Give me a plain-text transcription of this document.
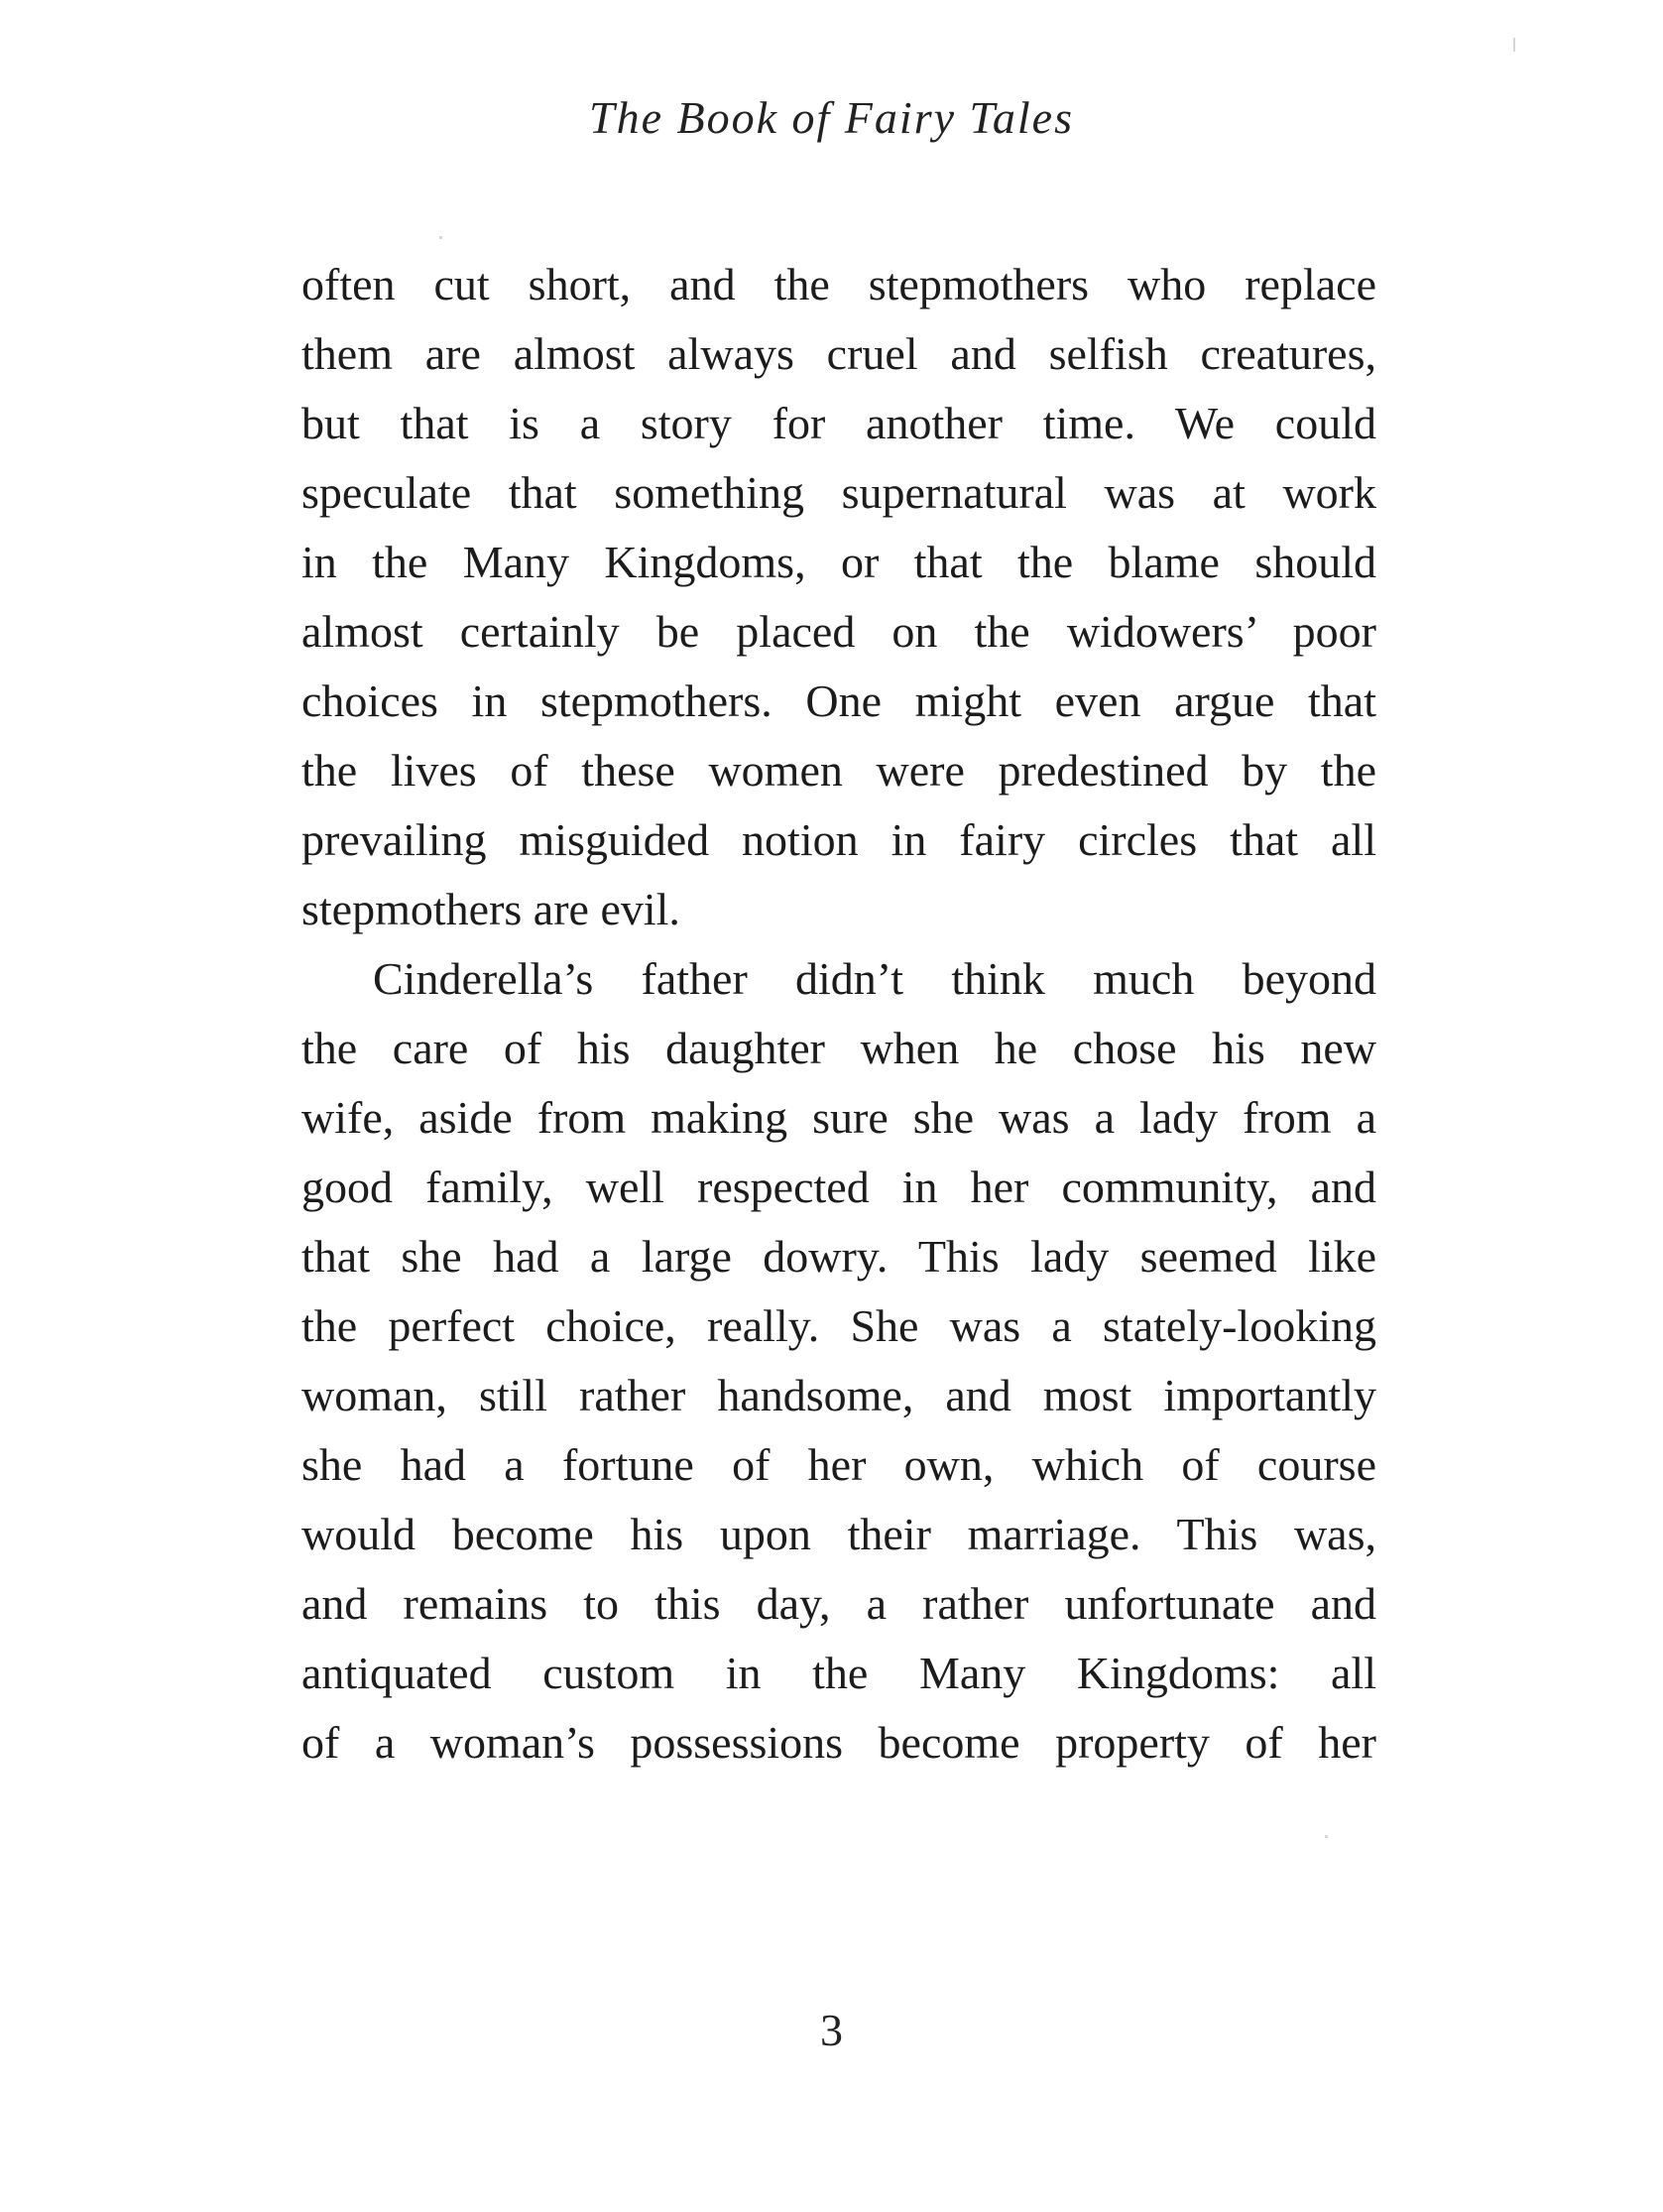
The Book of Fairy Tales
often cut short, and the stepmothers who replace
them are almost always cruel and selfish creatures,
but that is a story for another time. We could
speculate that something supernatural was at work
in the Many Kingdoms, or that the blame should
almost certainly be placed on the widowers’ poor
choices in stepmothers. One might even argue that
the lives of these women were predestined by the
prevailing misguided notion in fairy circles that all
stepmothers are evil.
Cinderella’s father didn’t think much beyond
the care of his daughter when he chose his new
wife, aside from making sure she was a lady from a
good family, well respected in her community, and
that she had a large dowry. This lady seemed like
the perfect choice, really. She was a stately-looking
woman, still rather handsome, and most importantly
she had a fortune of her own, which of course
would become his upon their marriage. This was,
and remains to this day, a rather unfortunate and
antiquated custom in the Many Kingdoms: all
of a woman’s possessions become property of her
3
